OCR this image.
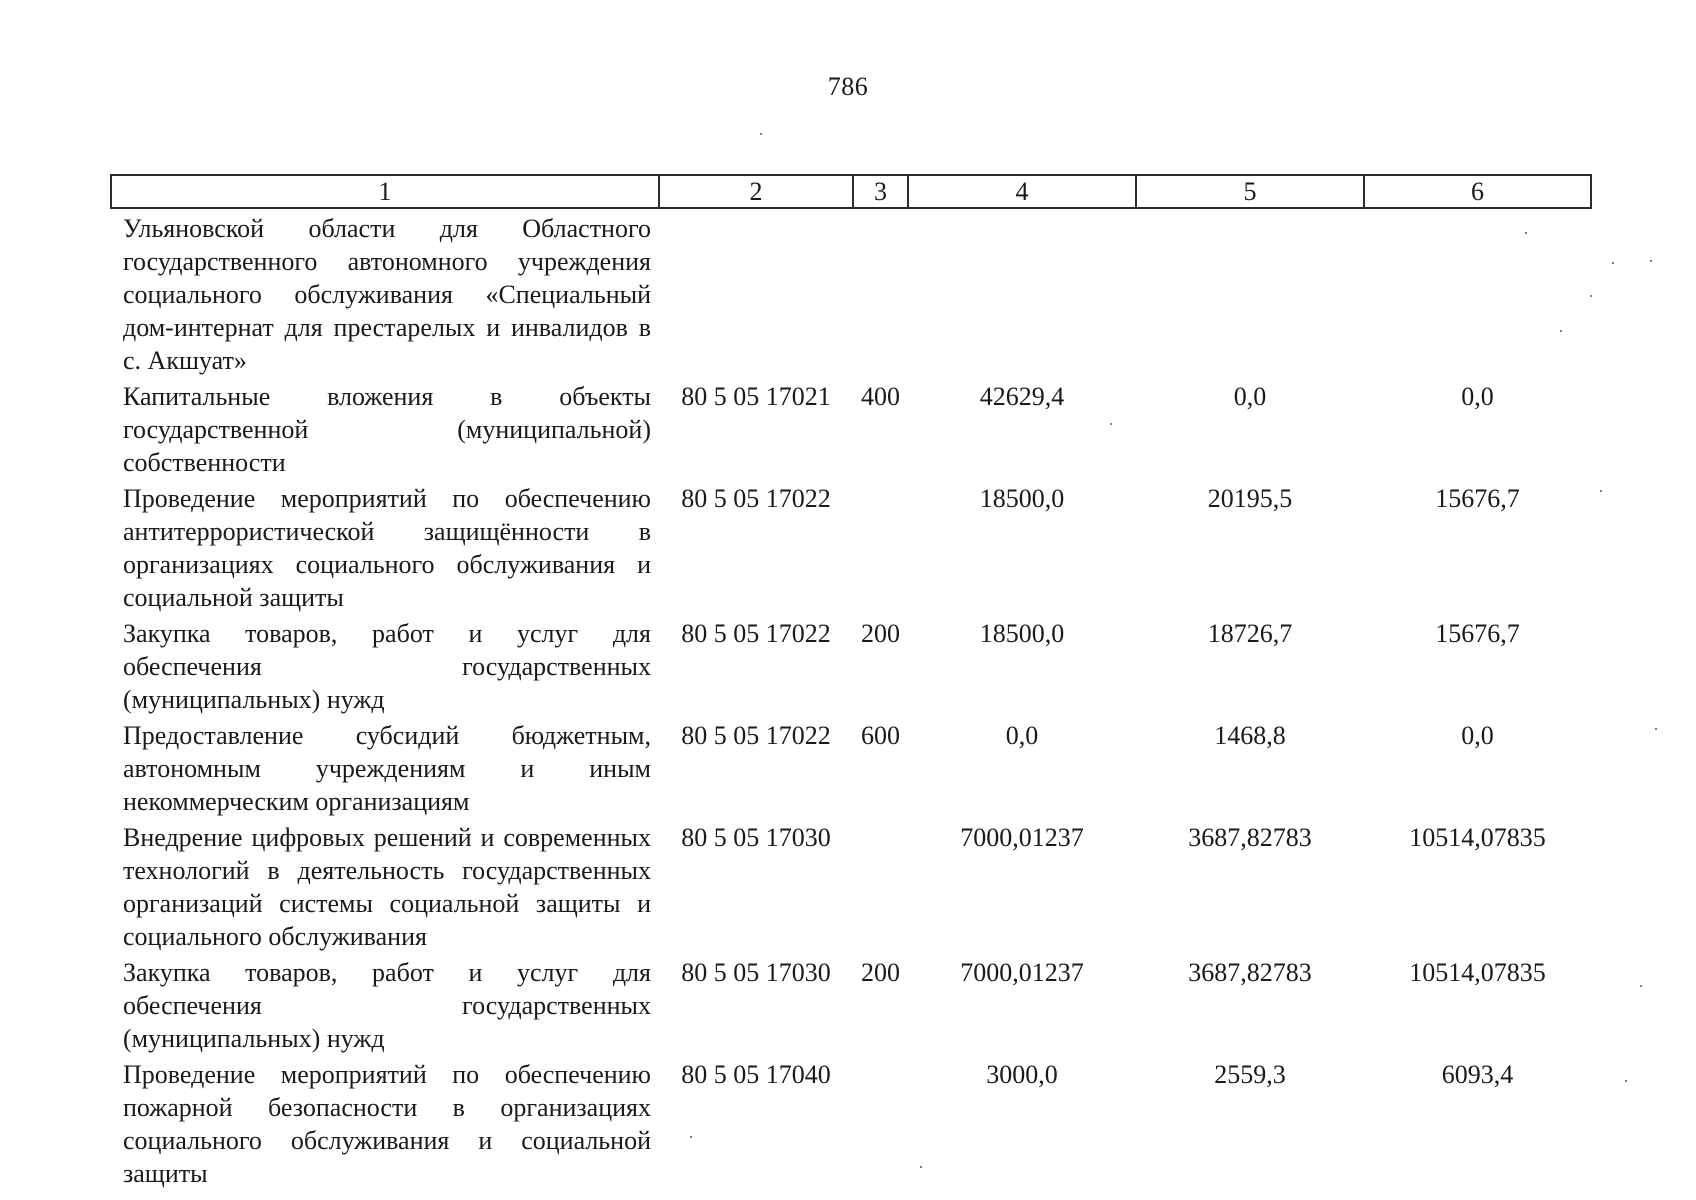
786
1	2	3	4	5	6
Ульяновской области для Областного государственного автономного учреждения социального обслуживания «Специальный дом-интернат для престарелых и инвалидов в с. Акшуат»					
Капитальные вложения в объекты государственной (муниципальной) собственности	80 5 05 17021	400	42629,4	0,0	0,0
Проведение мероприятий по обеспечению антитеррористической защищённости в организациях социального обслуживания и социальной защиты	80 5 05 17022		18500,0	20195,5	15676,7
Закупка товаров, работ и услуг для обеспечения государственных (муниципальных) нужд	80 5 05 17022	200	18500,0	18726,7	15676,7
Предоставление субсидий бюджетным, автономным учреждениям и иным некоммерческим организациям	80 5 05 17022	600	0,0	1468,8	0,0
Внедрение цифровых решений и современных технологий в деятельность государственных организаций системы социальной защиты и социального обслуживания	80 5 05 17030		7000,01237	3687,82783	10514,07835
Закупка товаров, работ и услуг для обеспечения государственных (муниципальных) нужд	80 5 05 17030	200	7000,01237	3687,82783	10514,07835
Проведение мероприятий по обеспечению пожарной безопасности в организациях социального обслуживания и социальной защиты	80 5 05 17040		3000,0	2559,3	6093,4
